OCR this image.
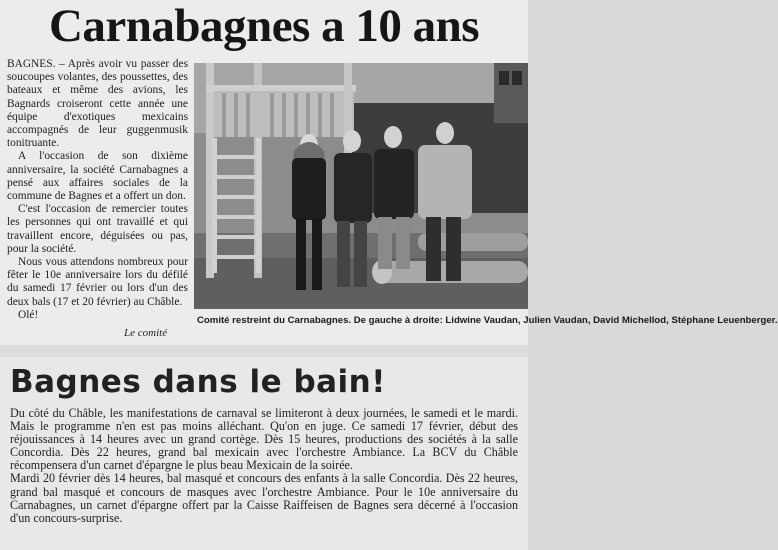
Carnabagnes a 10 ans

BAGNES. – Après avoir vu passer des soucoupes volantes, des poussettes, des bateaux et même des avions, les Bagnards croiseront cette année une équipe d'exotiques mexicains accompagnés de leur guggenmusik tonitruante.

A l'occasion de son dixième anniversaire, la société Carnabagnes a pensé aux affaires sociales de la commune de Bagnes et a offert un don.

C'est l'occasion de remercier toutes les personnes qui ont travaillé et qui travaillent encore, déguisées ou pas, pour la société.

Nous vous attendons nombreux pour fêter le 10e anniversaire lors du défilé du samedi 17 février ou lors d'un des deux bals (17 et 20 février) au Châble.

Olé!

Le comité
Comité restreint du Carnabagnes. De gauche à droite: Lidwine Vaudan, Julien Vaudan, David Michellod, Stéphane Leuenberger.
Bagnes dans le bain!

Du côté du Châble, les manifestations de carnaval se limiteront à deux journées, le samedi et le mardi. Mais le programme n'en est pas moins alléchant. Qu'on en juge. Ce samedi 17 février, début des réjouissances à 14 heures avec un grand cortège. Dès 15 heures, productions des sociétés à la salle Concordia. Dès 22 heures, grand bal mexicain avec l'orchestre Ambiance. La BCV du Châble récompensera d'un carnet d'épargne le plus beau Mexicain de la soirée.

Mardi 20 février dès 14 heures, bal masqué et concours des enfants à la salle Concordia. Dès 22 heures, grand bal masqué et concours de masques avec l'orchestre Ambiance. Pour le 10e anniversaire du Carnabagnes, un carnet d'épargne offert par la Caisse Raiffeisen de Bagnes sera décerné à l'occasion d'un concours-surprise.
